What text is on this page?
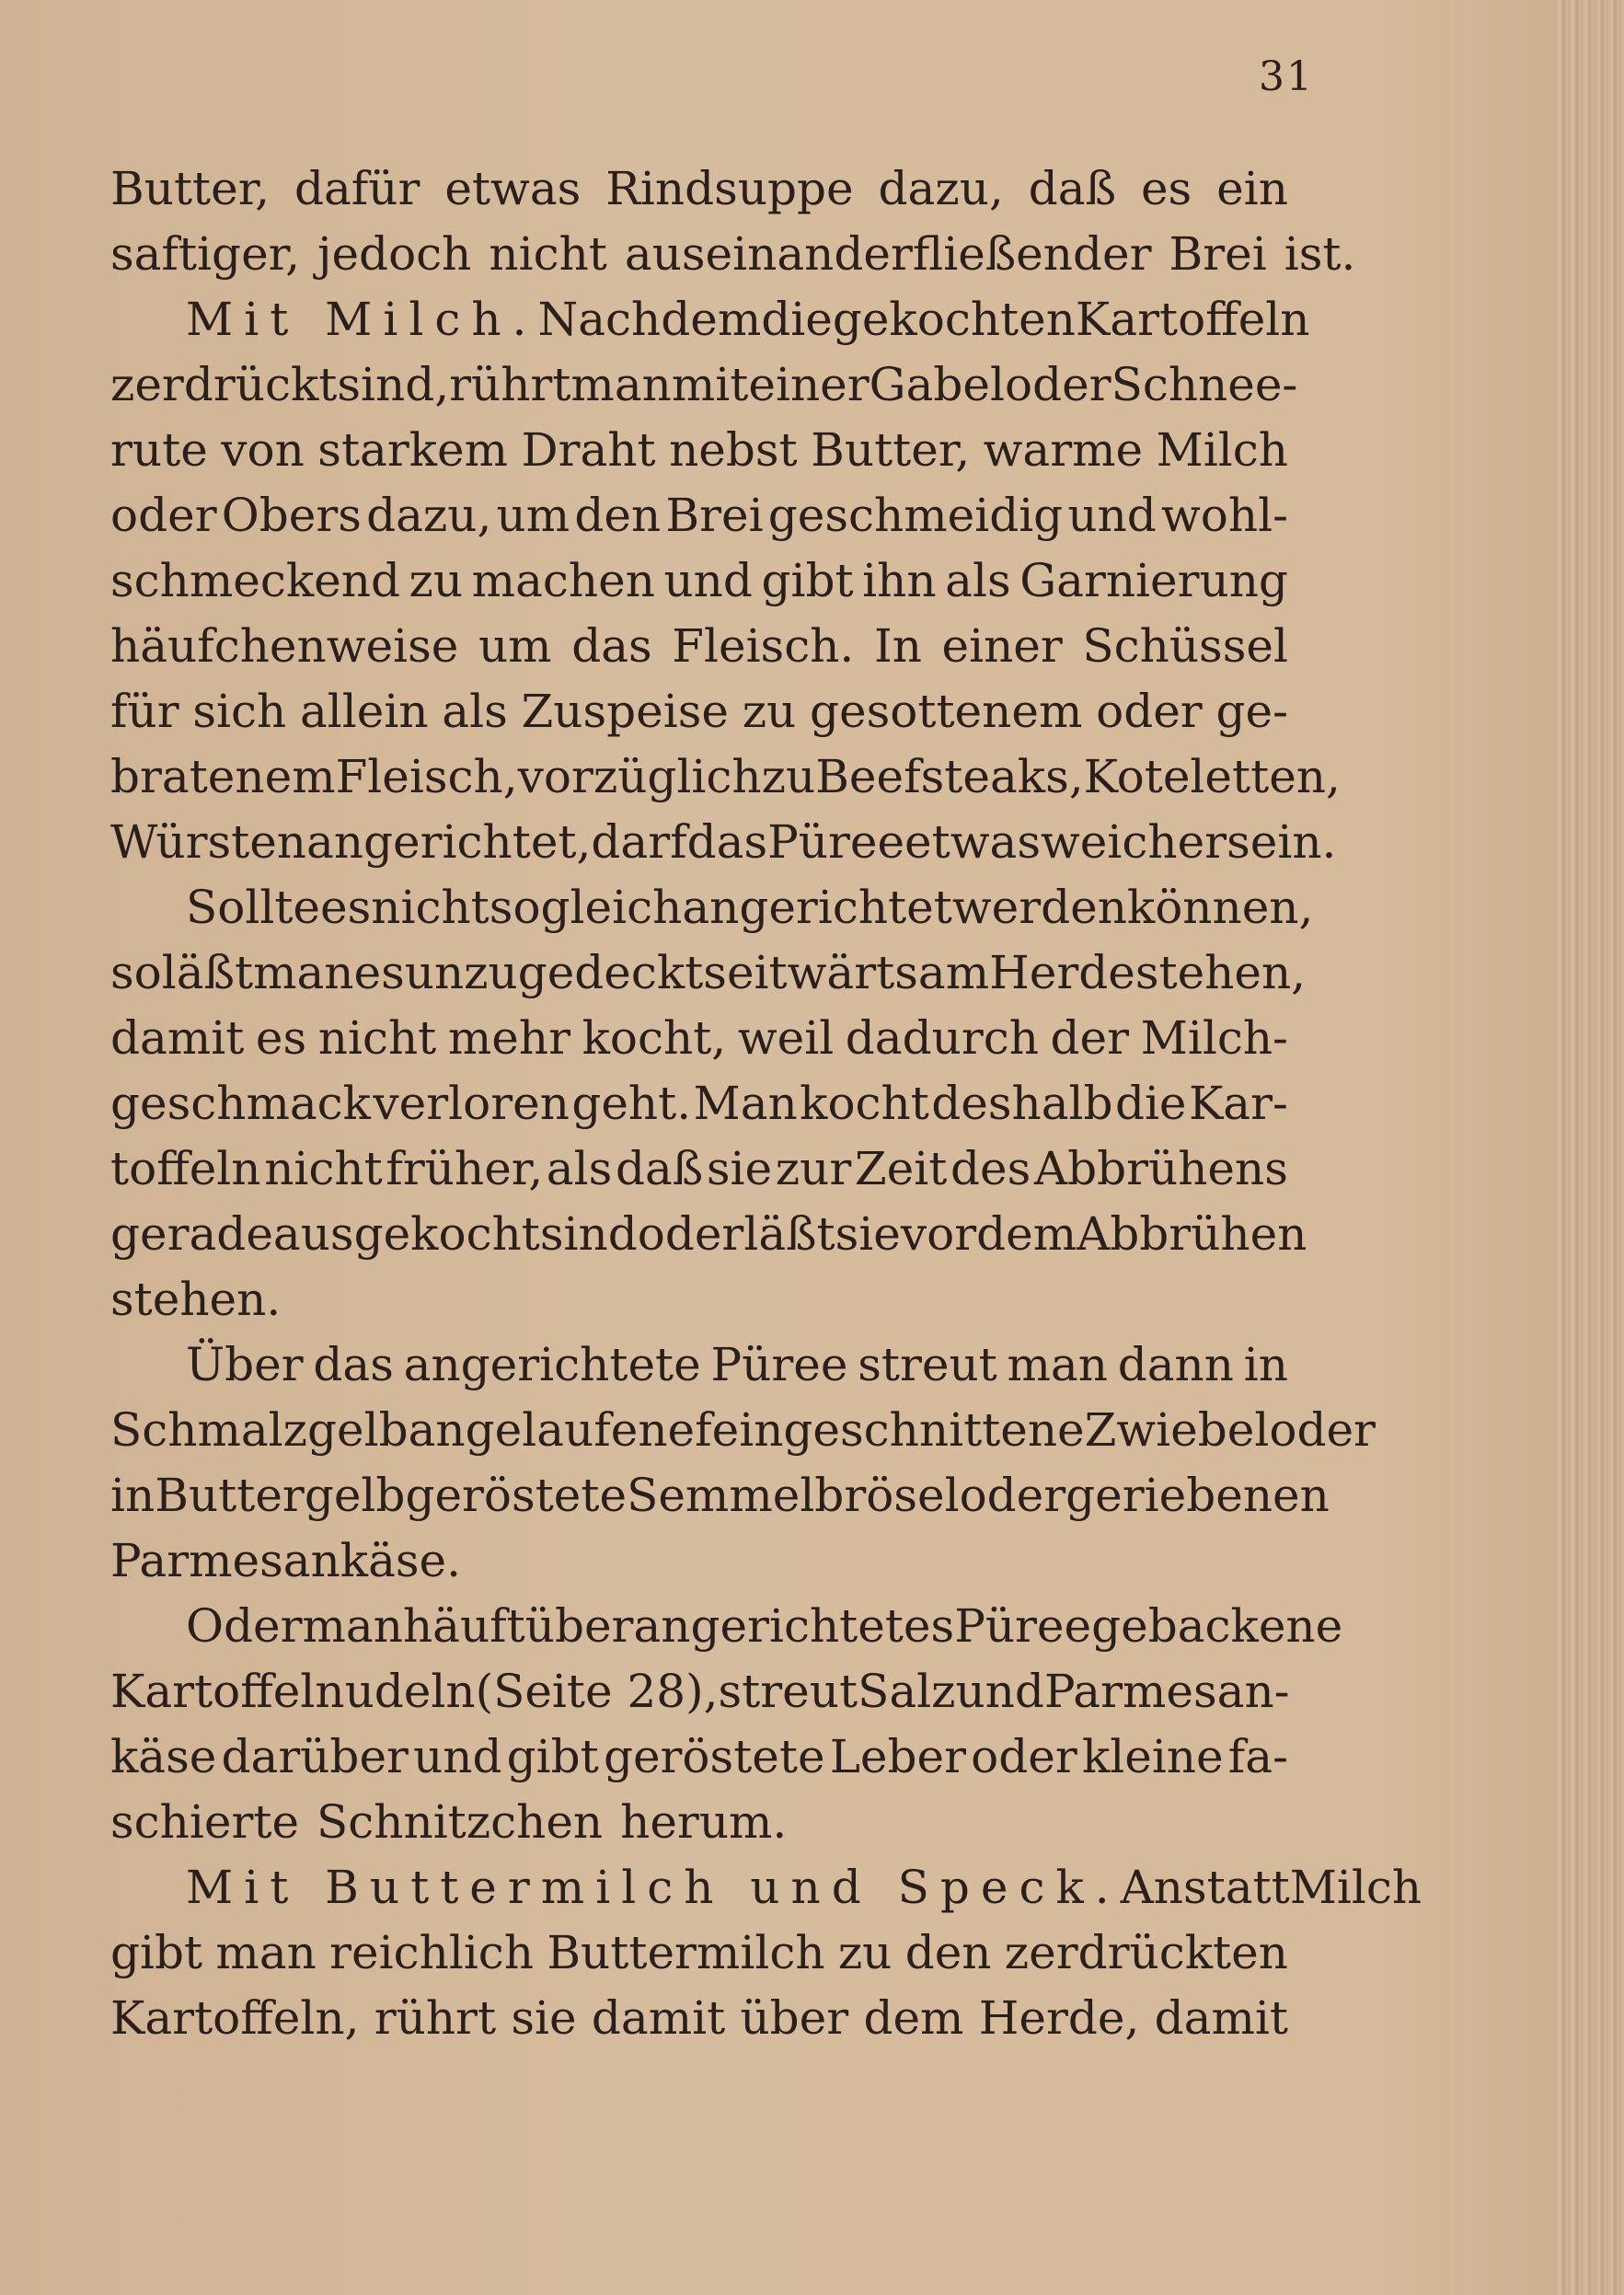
31
Butter, dafür etwas Rindsuppe dazu, daß es ein
saftiger, jedoch nicht auseinanderfließender Brei ist.
Mit Milch. Nachdem die gekochten Kartoffeln
zerdrückt sind, rührt man mit einer Gabel oder Schnee-
rute von starkem Draht nebst Butter, warme Milch
oder Obers dazu, um den Brei geschmeidig und wohl-
schmeckend zu machen und gibt ihn als Garnierung
häufchenweise um das Fleisch. In einer Schüssel
für sich allein als Zuspeise zu gesottenem oder ge-
bratenem Fleisch, vorzüglich zu Beefsteaks, Koteletten,
Würsten angerichtet, darf das Püree etwas weicher sein.
Sollte es nicht sogleich angerichtet werden können,
so läßt man es unzugedeckt seitwärts am Herde stehen,
damit es nicht mehr kocht, weil dadurch der Milch-
geschmack verloren geht. Man kocht deshalb die Kar-
toffeln nicht früher, als daß sie zur Zeit des Abbrühens
gerade ausgekocht sind oder läßt sie vor dem Abbrühen
stehen.
Über das angerichtete Püree streut man dann in
Schmalz gelb angelaufene feingeschnittene Zwiebel oder
in Butter gelb geröstete Semmelbrösel oder geriebenen
Parmesankäse.
Oder man häuft über angerichtetes Püree gebackene
Kartoffelnudeln (Seite 28), streut Salz und Parmesan-
käse darüber und gibt geröstete Leber oder kleine fa-
schierte Schnitzchen herum.
Mit Buttermilch und Speck. Anstatt Milch
gibt man reichlich Buttermilch zu den zerdrückten
Kartoffeln, rührt sie damit über dem Herde, damit
